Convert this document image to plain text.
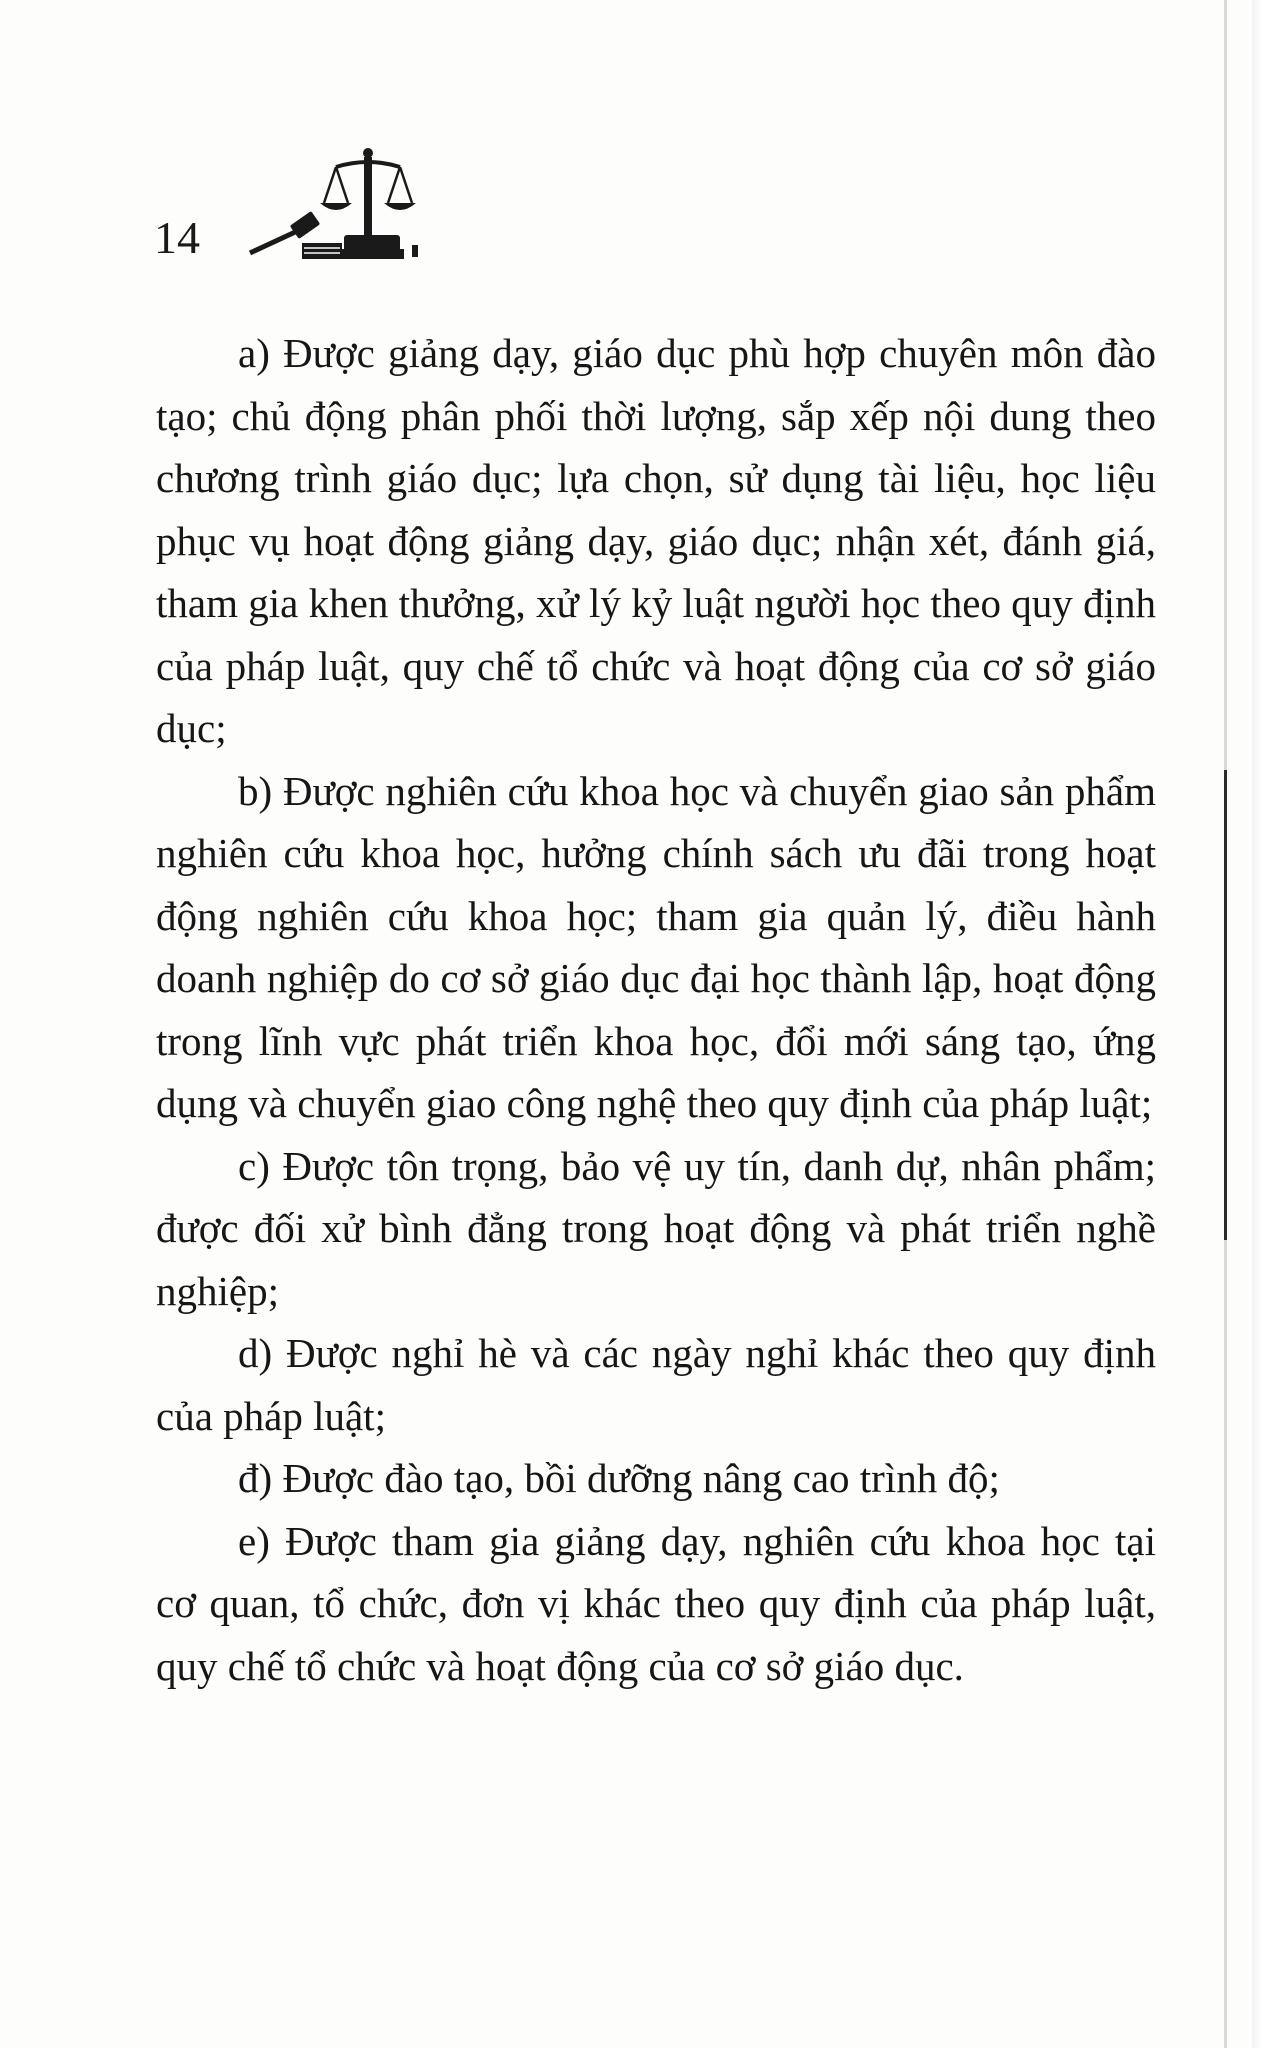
14

a) Được giảng dạy, giáo dục phù hợp chuyên môn đào tạo; chủ động phân phối thời lượng, sắp xếp nội dung theo chương trình giáo dục; lựa chọn, sử dụng tài liệu, học liệu phục vụ hoạt động giảng dạy, giáo dục; nhận xét, đánh giá, tham gia khen thưởng, xử lý kỷ luật người học theo quy định của pháp luật, quy chế tổ chức và hoạt động của cơ sở giáo dục;

b) Được nghiên cứu khoa học và chuyển giao sản phẩm nghiên cứu khoa học, hưởng chính sách ưu đãi trong hoạt động nghiên cứu khoa học; tham gia quản lý, điều hành doanh nghiệp do cơ sở giáo dục đại học thành lập, hoạt động trong lĩnh vực phát triển khoa học, đổi mới sáng tạo, ứng dụng và chuyển giao công nghệ theo quy định của pháp luật;

c) Được tôn trọng, bảo vệ uy tín, danh dự, nhân phẩm; được đối xử bình đẳng trong hoạt động và phát triển nghề nghiệp;

d) Được nghỉ hè và các ngày nghỉ khác theo quy định của pháp luật;

đ) Được đào tạo, bồi dưỡng nâng cao trình độ;

e) Được tham gia giảng dạy, nghiên cứu khoa học tại cơ quan, tổ chức, đơn vị khác theo quy định của pháp luật, quy chế tổ chức và hoạt động của cơ sở giáo dục.
